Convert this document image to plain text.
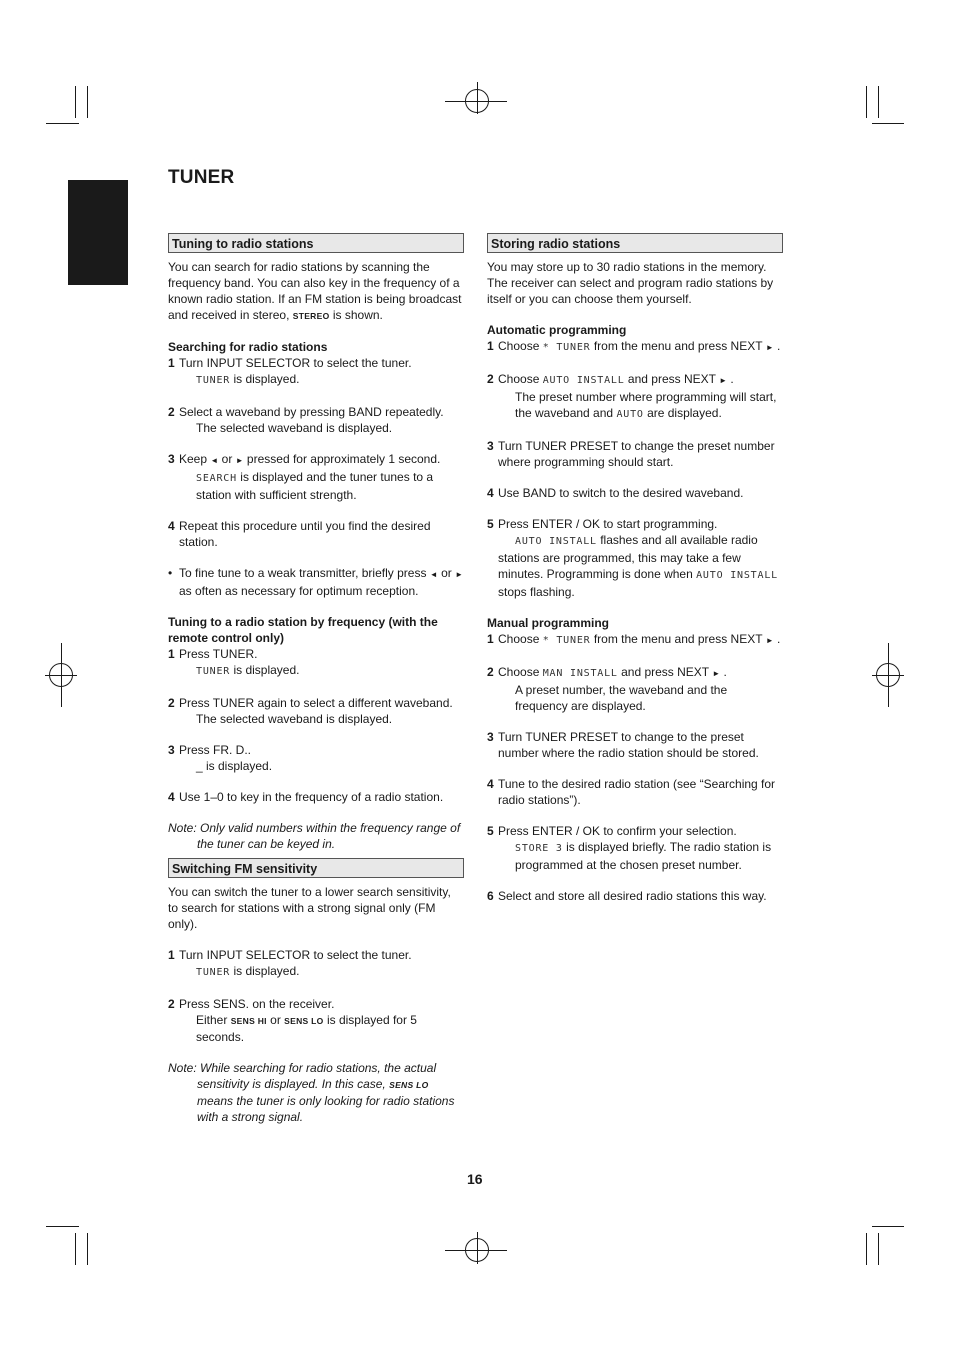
TUNER
Tuning to radio stations

You can search for radio stations by scanning the frequency band. You can also key in the frequency of a known radio station. If an FM station is being broadcast and received in stereo, STEREO is shown.

Searching for radio stations

1 Turn INPUT SELECTOR to select the tuner.
TUNER is displayed.
2 Select a waveband by pressing BAND repeatedly.
The selected waveband is displayed.
3 Keep ◄ or ► pressed for approximately 1 second.
SEARCH is displayed and the tuner tunes to a station with sufficient strength.
4 Repeat this procedure until you find the desired station.
• To fine tune to a weak transmitter, briefly press ◄ or ► as often as necessary for optimum reception.

Tuning to a radio station by frequency (with the remote control only)

1 Press TUNER.
TUNER is displayed.
2 Press TUNER again to select a different waveband.
The selected waveband is displayed.
3 Press FR. D..
_ is displayed.
4 Use 1–0 to key in the frequency of a radio station.

Note: Only valid numbers within the frequency range of the tuner can be keyed in.

Switching FM sensitivity

You can switch the tuner to a lower search sensitivity, to search for stations with a strong signal only (FM only).

1 Turn INPUT SELECTOR to select the tuner.
TUNER is displayed.
2 Press SENS. on the receiver.
Either SENS HI or SENS LO is displayed for 5 seconds.

Note: While searching for radio stations, the actual sensitivity is displayed. In this case, SENS LO means the tuner is only looking for radio stations with a strong signal.

Storing radio stations

You may store up to 30 radio stations in the memory. The receiver can select and program radio stations by itself or you can choose them yourself.

Automatic programming

1 Choose * TUNER from the menu and press NEXT ► .
2 Choose AUTO INSTALL and press NEXT ► .
The preset number where programming will start, the waveband and AUTO are displayed.
3 Turn TUNER PRESET to change the preset number where programming should start.
4 Use BAND to switch to the desired waveband.
5 Press ENTER / OK to start programming.
AUTO INSTALL flashes and all available radio stations are programmed, this may take a few minutes. Programming is done when AUTO INSTALL stops flashing.

Manual programming

1 Choose * TUNER from the menu and press NEXT ► .
2 Choose MAN INSTALL and press NEXT ► .
A preset number, the waveband and the frequency are displayed.
3 Turn TUNER PRESET to change to the preset number where the radio station should be stored.
4 Tune to the desired radio station (see “Searching for radio stations”).
5 Press ENTER / OK to confirm your selection.
STORE 3 is displayed briefly. The radio station is programmed at the chosen preset number.
6 Select and store all desired radio stations this way.
16
